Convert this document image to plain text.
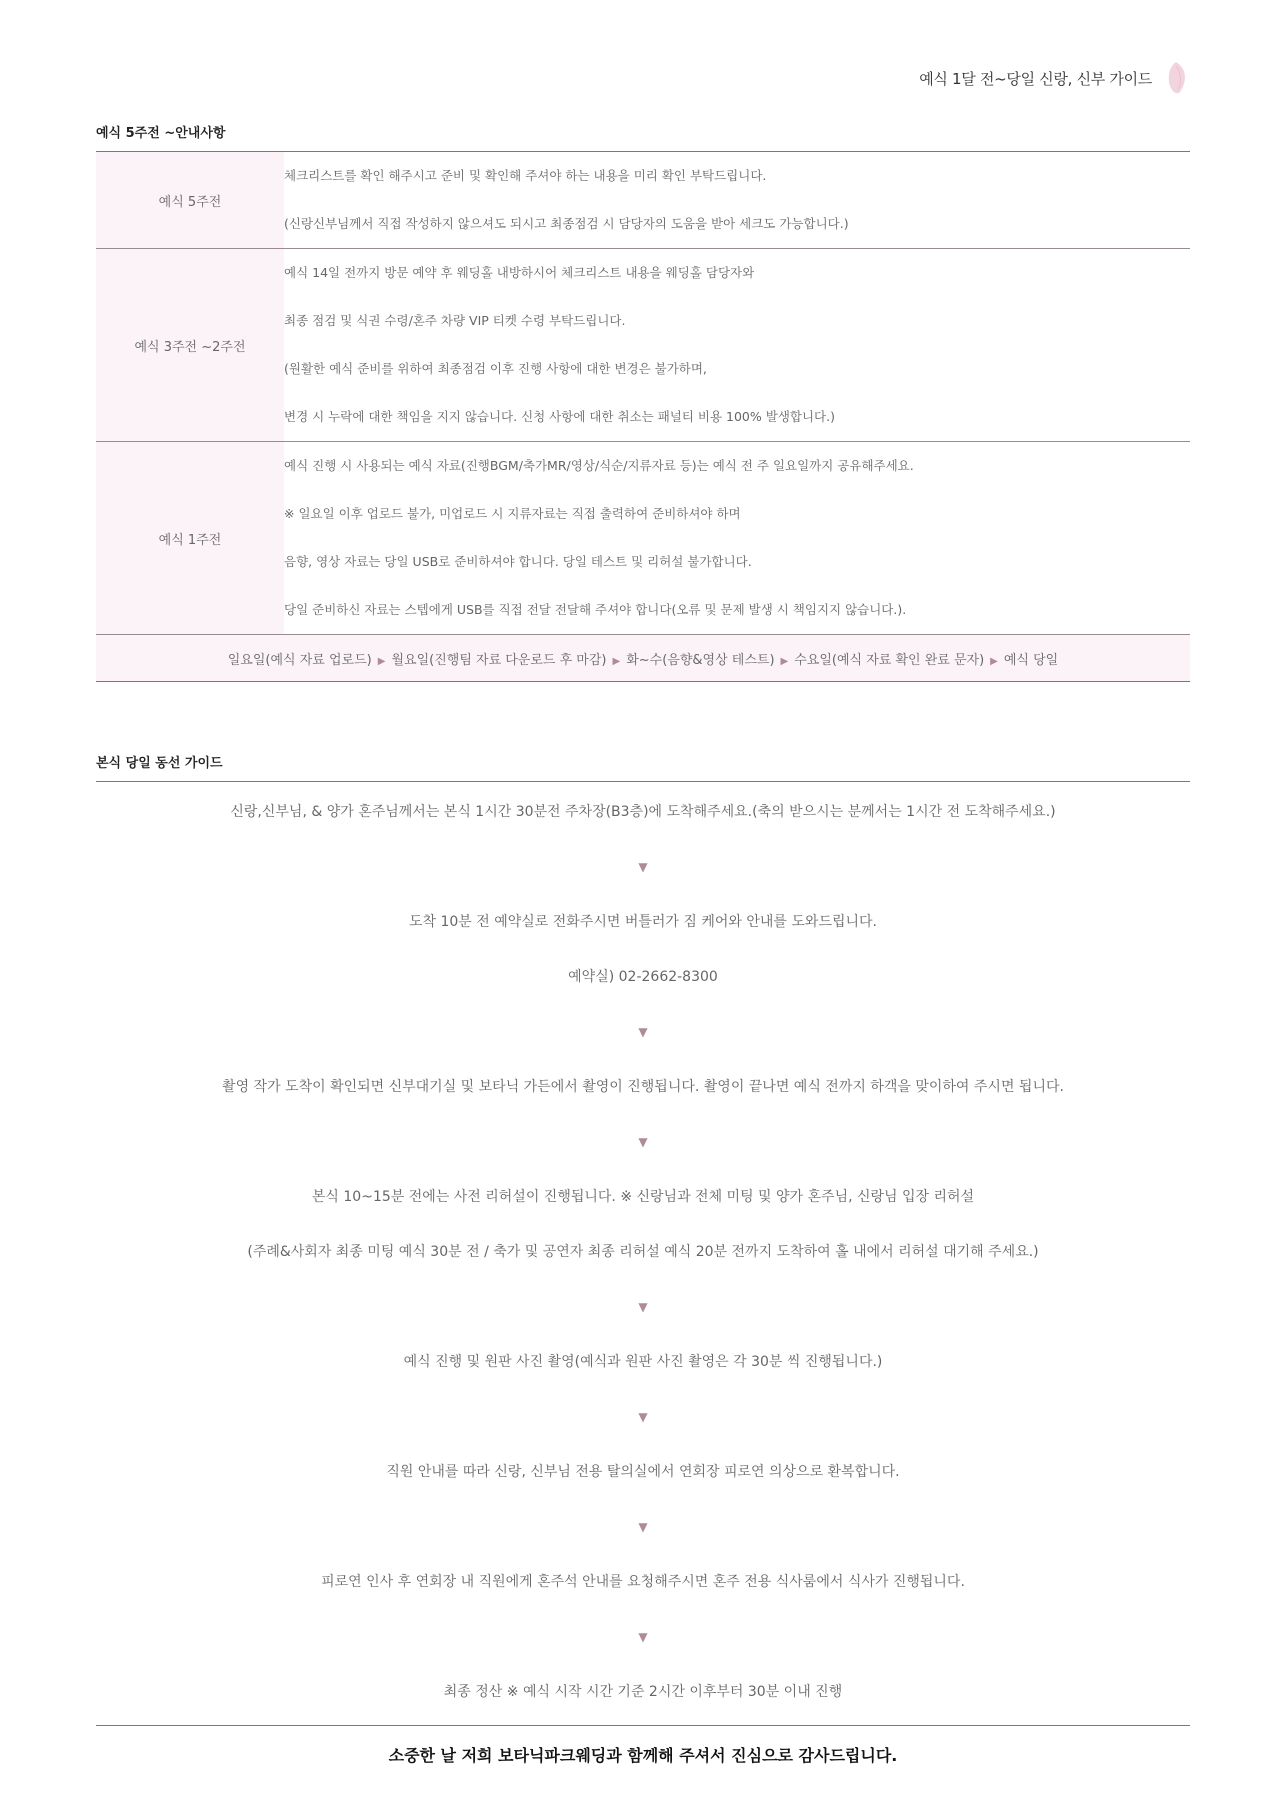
예식 1달 전~당일 신랑, 신부 가이드
예식 5주전 ~안내사항
예식 5주전	체크리스트를 확인 해주시고 준비 및 확인해 주셔야 하는 내용을 미리 확인 부탁드립니다.
(신랑신부님께서 직접 작성하지 않으셔도 되시고 최종점검 시 담당자의 도움을 받아 세크도 가능합니다.)

예식 3주전 ~2주전	예식 14일 전까지 방문 예약 후 웨딩홀 내방하시어 체크리스트 내용을 웨딩홀 담당자와
최종 점검 및 식권 수령/혼주 차량 VIP 티켓 수령 부탁드립니다.
(원활한 예식 준비를 위하여 최종점검 이후 진행 사항에 대한 변경은 불가하며,
변경 시 누락에 대한 책임을 지지 않습니다. 신청 사항에 대한 취소는 패널티 비용 100% 발생합니다.)

예식 1주전	예식 진행 시 사용되는 예식 자료(진행BGM/축가MR/영상/식순/지류자료 등)는 예식 전 주 일요일까지 공유해주세요.
※ 일요일 이후 업로드 불가, 미업로드 시 지류자료는 직접 출력하여 준비하셔야 하며
음향, 영상 자료는 당일 USB로 준비하셔야 합니다. 당일 테스트 및 리허설 불가합니다.
당일 준비하신 자료는 스텝에게 USB를 직접 전달 전달해 주셔야 합니다(오류 및 문제 발생 시 책임지지 않습니다.).

일요일(예식 자료 업로드) ▶ 월요일(진행팀 자료 다운로드 후 마감) ▶ 화~수(음향&영상 테스트) ▶ 수요일(예식 자료 확인 완료 문자) ▶ 예식 당일	
본식 당일 동선 가이드
신랑,신부님, & 양가 혼주님께서는 본식 1시간 30분전 주차장(B3층)에 도착해주세요.(축의 받으시는 분께서는 1시간 전 도착해주세요.)
▼
도착 10분 전 예약실로 전화주시면 버틀러가 짐 케어와 안내를 도와드립니다.
예약실) 02-2662-8300
▼
촬영 작가 도착이 확인되면 신부대기실 및 보타닉 가든에서 촬영이 진행됩니다. 촬영이 끝나면 예식 전까지 하객을 맞이하여 주시면 됩니다.
▼
본식 10~15분 전에는 사전 리허설이 진행됩니다. ※ 신랑님과 전체 미팅 및 양가 혼주님, 신랑님 입장 리허설
(주례&사회자 최종 미팅 예식 30분 전 / 축가 및 공연자 최종 리허설 예식 20분 전까지 도착하여 홀 내에서 리허설 대기해 주세요.)
▼
예식 진행 및 원판 사진 촬영(예식과 원판 사진 촬영은 각 30분 씩 진행됩니다.)
▼
직원 안내를 따라 신랑, 신부님 전용 탈의실에서 연회장 피로연 의상으로 환복합니다.
▼
피로연 인사 후 연회장 내 직원에게 혼주석 안내를 요청해주시면 혼주 전용 식사룸에서 식사가 진행됩니다.
▼
최종 정산 ※ 예식 시작 시간 기준 2시간 이후부터 30분 이내 진행
소중한 날 저희 보타닉파크웨딩과 함께해 주셔서 진심으로 감사드립니다.
